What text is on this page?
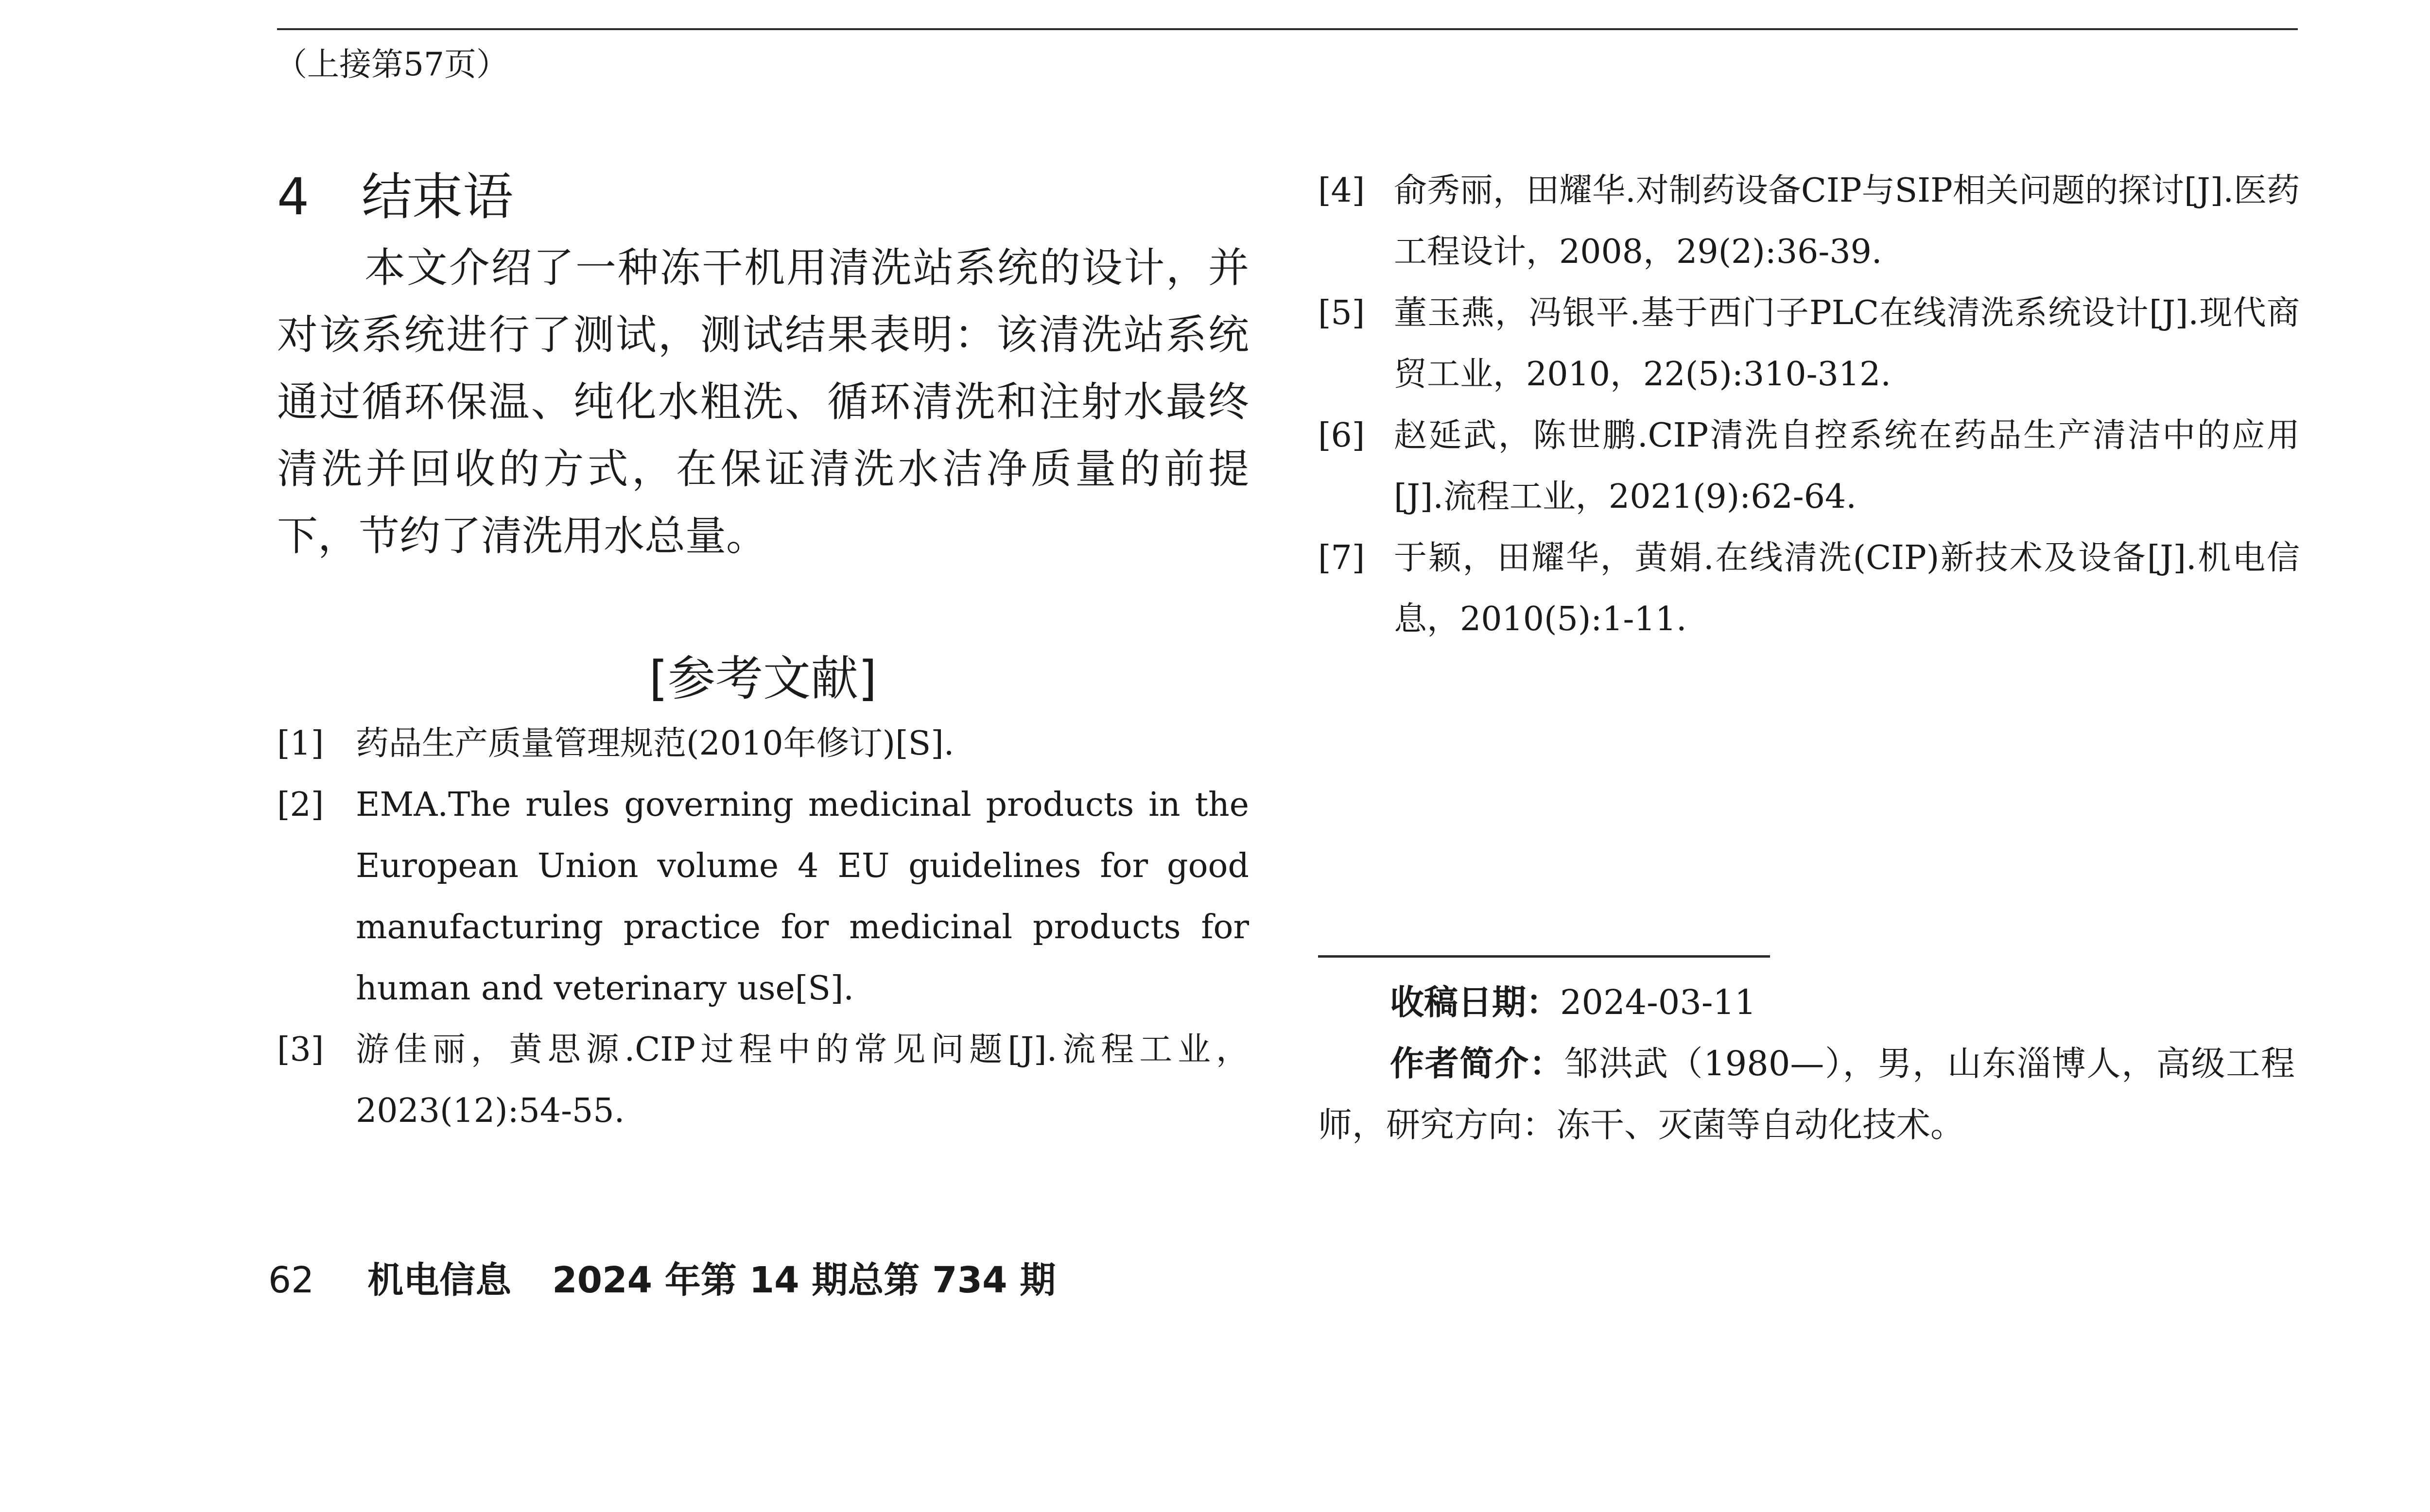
（上接第57页）
4	结束语

本文介绍了一种冻干机用清洗站系统的设计，并对该系统进行了测试，测试结果表明：该清洗站系统通过循环保温、纯化水粗洗、循环清洗和注射水最终清洗并回收的方式，在保证清洗水洁净质量的前提下，节约了清洗用水总量。

[参考文献]
[1] 药品生产质量管理规范(2010年修订)[S].
[2] EMA.The rules governing medicinal products in the European Union volume 4 EU guidelines for good manufacturing practice for medicinal products for human and veterinary use[S].
[3] 游佳丽，黄思源.CIP过程中的常见问题[J].流程工业，2023(12):54-55.
[4] 俞秀丽，田耀华.对制药设备CIP与SIP相关问题的探讨[J].医药工程设计，2008，29(2):36-39.
[5] 董玉燕，冯银平.基于西门子PLC在线清洗系统设计[J].现代商贸工业，2010，22(5):310-312.
[6] 赵延武，陈世鹏.CIP清洗自控系统在药品生产清洁中的应用[J].流程工业，2021(9):62-64.
[7] 于颖，田耀华，黄娟.在线清洗(CIP)新技术及设备[J].机电信息，2010(5):1-11.
收稿日期：2024-03-11
作者简介：邹洪武（1980—），男，山东淄博人，高级工程师，研究方向：冻干、灭菌等自动化技术。
62 机电信息 2024 年第 14 期总第 734 期
